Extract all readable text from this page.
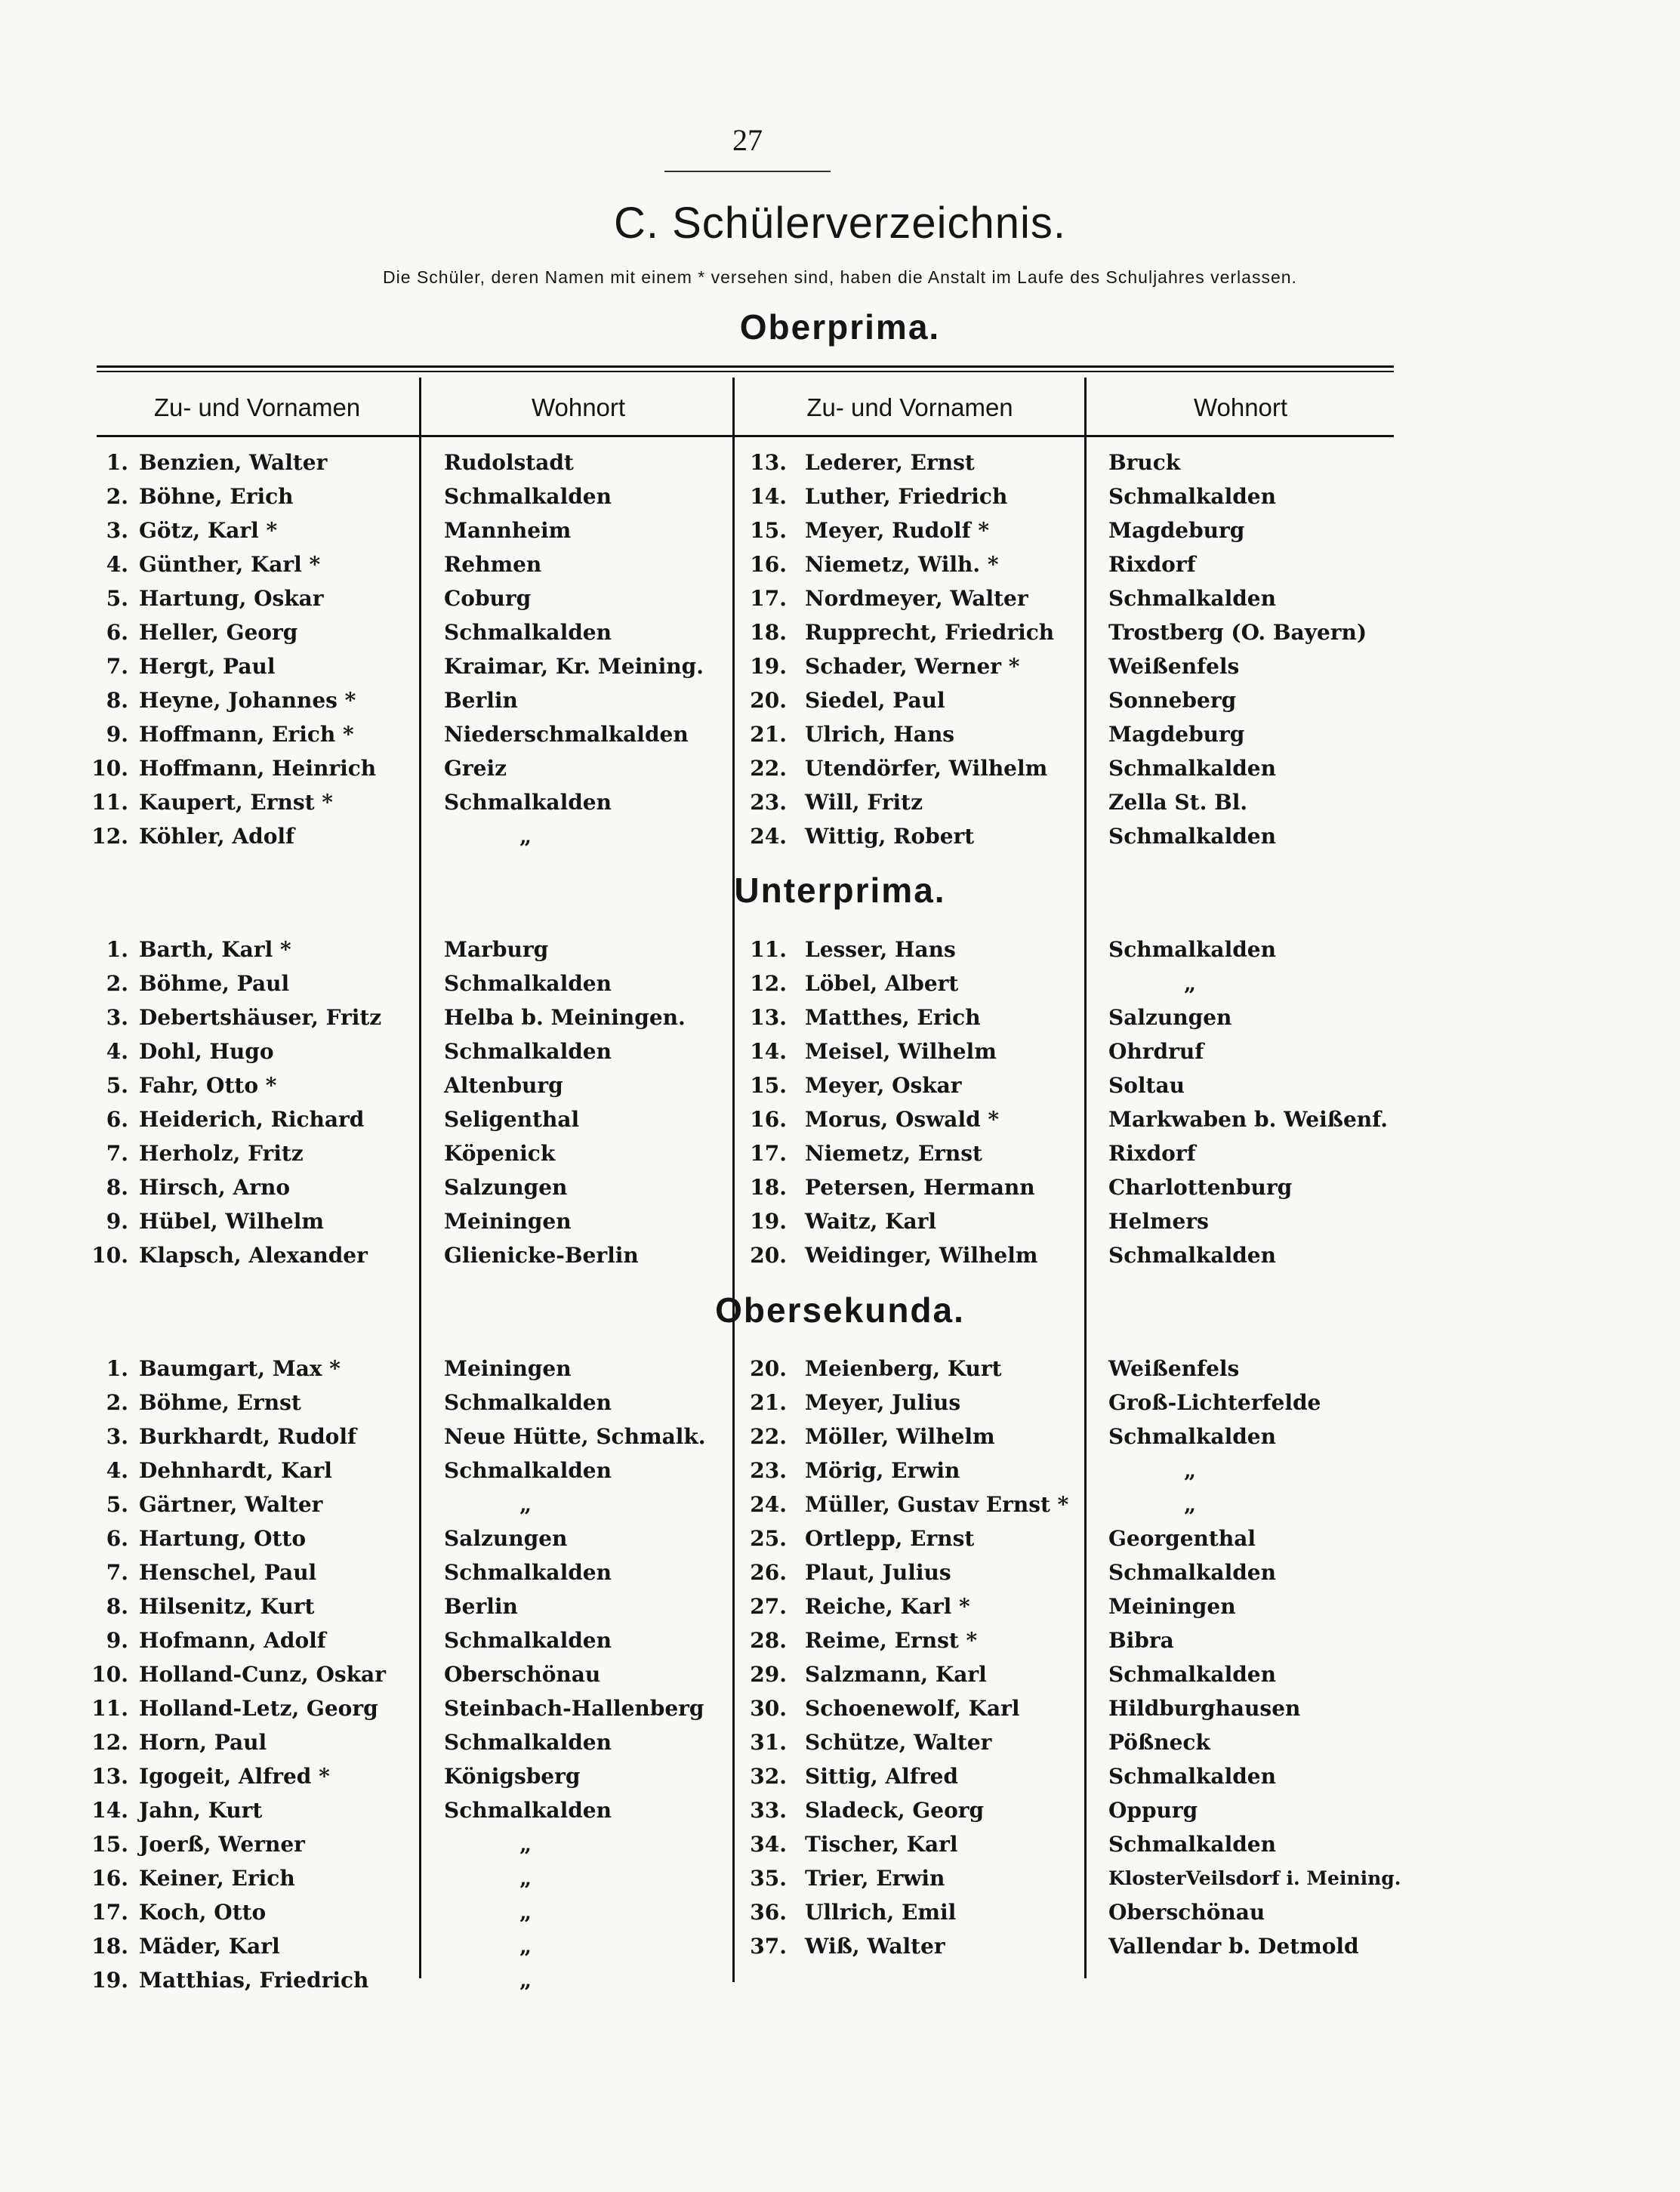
27
C. Schülerverzeichnis.
Die Schüler, deren Namen mit einem * versehen sind, haben die Anstalt im Laufe des Schuljahres verlassen.
Oberprima.
Zu- und Vornamen	Wohnort	Zu- und Vornamen	Wohnort
1. Benzien, Walter	Rudolstadt	13. Lederer, Ernst	Bruck
2. Böhne, Erich	Schmalkalden	14. Luther, Friedrich	Schmalkalden
3. Götz, Karl *	Mannheim	15. Meyer, Rudolf *	Magdeburg
4. Günther, Karl *	Rehmen	16. Niemetz, Wilh. *	Rixdorf
5. Hartung, Oskar	Coburg	17. Nordmeyer, Walter	Schmalkalden
6. Heller, Georg	Schmalkalden	18. Rupprecht, Friedrich	Trostberg (O. Bayern)
7. Hergt, Paul	Kraimar, Kr. Meining. 19. Schader, Werner *	Weißenfels
8. Heyne, Johannes *	Berlin	20. Siedel, Paul	Sonneberg
9. Hoffmann, Erich *	Niederschmalkalden	21. Ulrich, Hans	Magdeburg
10. Hoffmann, Heinrich	Greiz	22. Utendörfer, Wilhelm	Schmalkalden
11. Kaupert, Ernst *	Schmalkalden	23. Will, Fritz	Zella St. Bl.
12. Köhler, Adolf	„	24. Wittig, Robert	Schmalkalden
Unterprima.
1. Barth, Karl *	Marburg	11. Lesser, Hans	Schmalkalden
2. Böhme, Paul	Schmalkalden	12. Löbel, Albert	„
3. Debertshäuser, Fritz	Helba b. Meiningen.	13. Matthes, Erich	Salzungen
4. Dohl, Hugo	Schmalkalden	14. Meisel, Wilhelm	Ohrdruf
5. Fahr, Otto *	Altenburg	15. Meyer, Oskar	Soltau
6. Heiderich, Richard	Seligenthal	16. Morus, Oswald *	Markwaben b. Weißenf.
7. Herholz, Fritz	Köpenick	17. Niemetz, Ernst	Rixdorf
8. Hirsch, Arno	Salzungen	18. Petersen, Hermann	Charlottenburg
9. Hübel, Wilhelm	Meiningen	19. Waitz, Karl	Helmers
10. Klapsch, Alexander	Glienicke-Berlin	20. Weidinger, Wilhelm	Schmalkalden
Obersekunda.
1. Baumgart, Max *	Meiningen	20. Meienberg, Kurt	Weißenfels
2. Böhme, Ernst	Schmalkalden	21. Meyer, Julius	Groß-Lichterfelde
3. Burkhardt, Rudolf	Neue Hütte, Schmalk. 22. Möller, Wilhelm	Schmalkalden
4. Dehnhardt, Karl	Schmalkalden	23. Mörig, Erwin	„
5. Gärtner, Walter	„	24. Müller, Gustav Ernst *	„
6. Hartung, Otto	Salzungen	25. Ortlepp, Ernst	Georgenthal
7. Henschel, Paul	Schmalkalden	26. Plaut, Julius	Schmalkalden
8. Hilsenitz, Kurt	Berlin	27. Reiche, Karl *	Meiningen
9. Hofmann, Adolf	Schmalkalden	28. Reime, Ernst *	Bibra
10. Holland-Cunz, Oskar	Oberschönau	29. Salzmann, Karl	Schmalkalden
11. Holland-Letz, Georg	Steinbach-Hallenberg 30. Schoenewolf, Karl	Hildburghausen
12. Horn, Paul	Schmalkalden	31. Schütze, Walter	Pößneck
13. Igogeit, Alfred *	Königsberg	32. Sittig, Alfred	Schmalkalden
14. Jahn, Kurt	Schmalkalden	33. Sladeck, Georg	Oppurg
15. Joerß, Werner	„	34. Tischer, Karl	Schmalkalden
16. Keiner, Erich	„	35. Trier, Erwin	KlosterVeilsdorf i. Meining.
17. Koch, Otto	„	36. Ullrich, Emil	Oberschönau
18. Mäder, Karl	„	37. Wiß, Walter	Vallendar b. Detmold
19. Matthias, Friedrich	„
